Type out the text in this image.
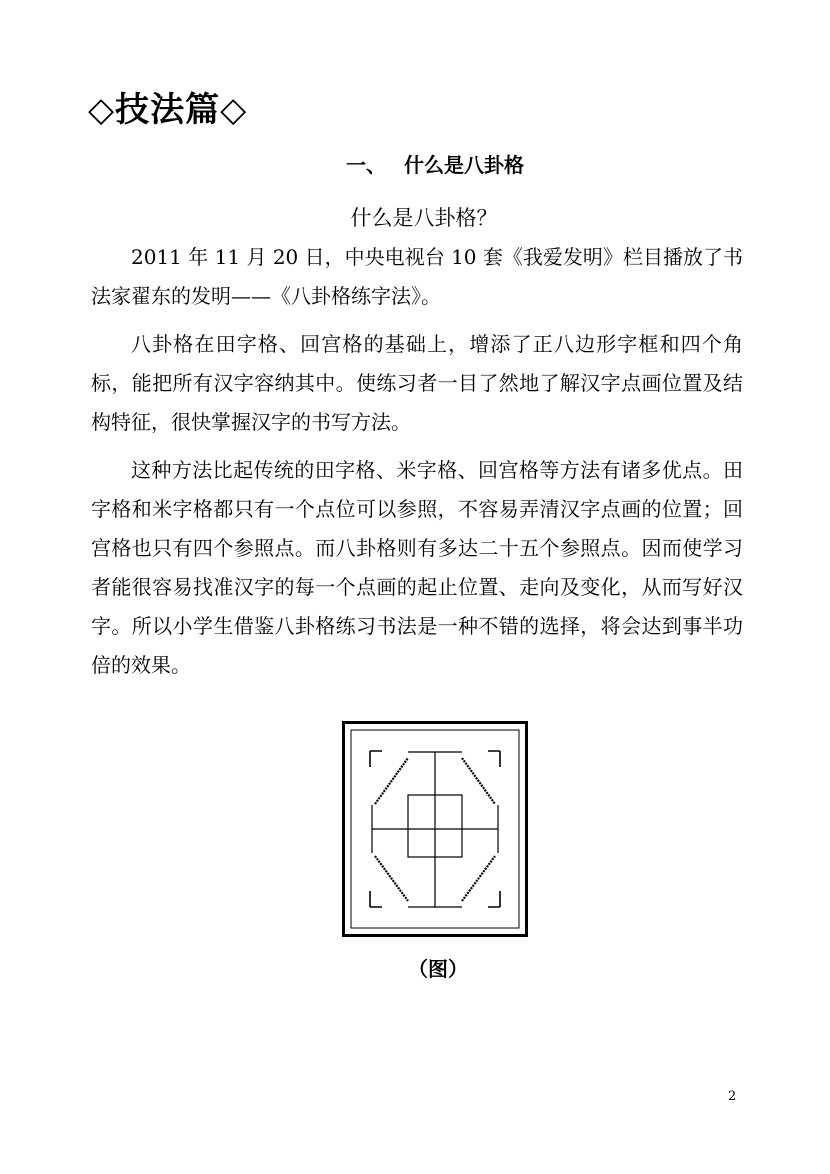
◇技法篇◇
一、 什么是八卦格
什么是八卦格？

2011 年 11 月 20 日，中央电视台 10 套《我爱发明》栏目播放了书法家翟东的发明——《八卦格练字法》。

八卦格在田字格、回宫格的基础上，增添了正八边形字框和四个角标，能把所有汉字容纳其中。使练习者一目了然地了解汉字点画位置及结构特征，很快掌握汉字的书写方法。

这种方法比起传统的田字格、米字格、回宫格等方法有诸多优点。田字格和米字格都只有一个点位可以参照，不容易弄清汉字点画的位置；回宫格也只有四个参照点。而八卦格则有多达二十五个参照点。因而使学习者能很容易找准汉字的每一个点画的起止位置、走向及变化，从而写好汉字。所以小学生借鉴八卦格练习书法是一种不错的选择，将会达到事半功倍的效果。

（图）
2
